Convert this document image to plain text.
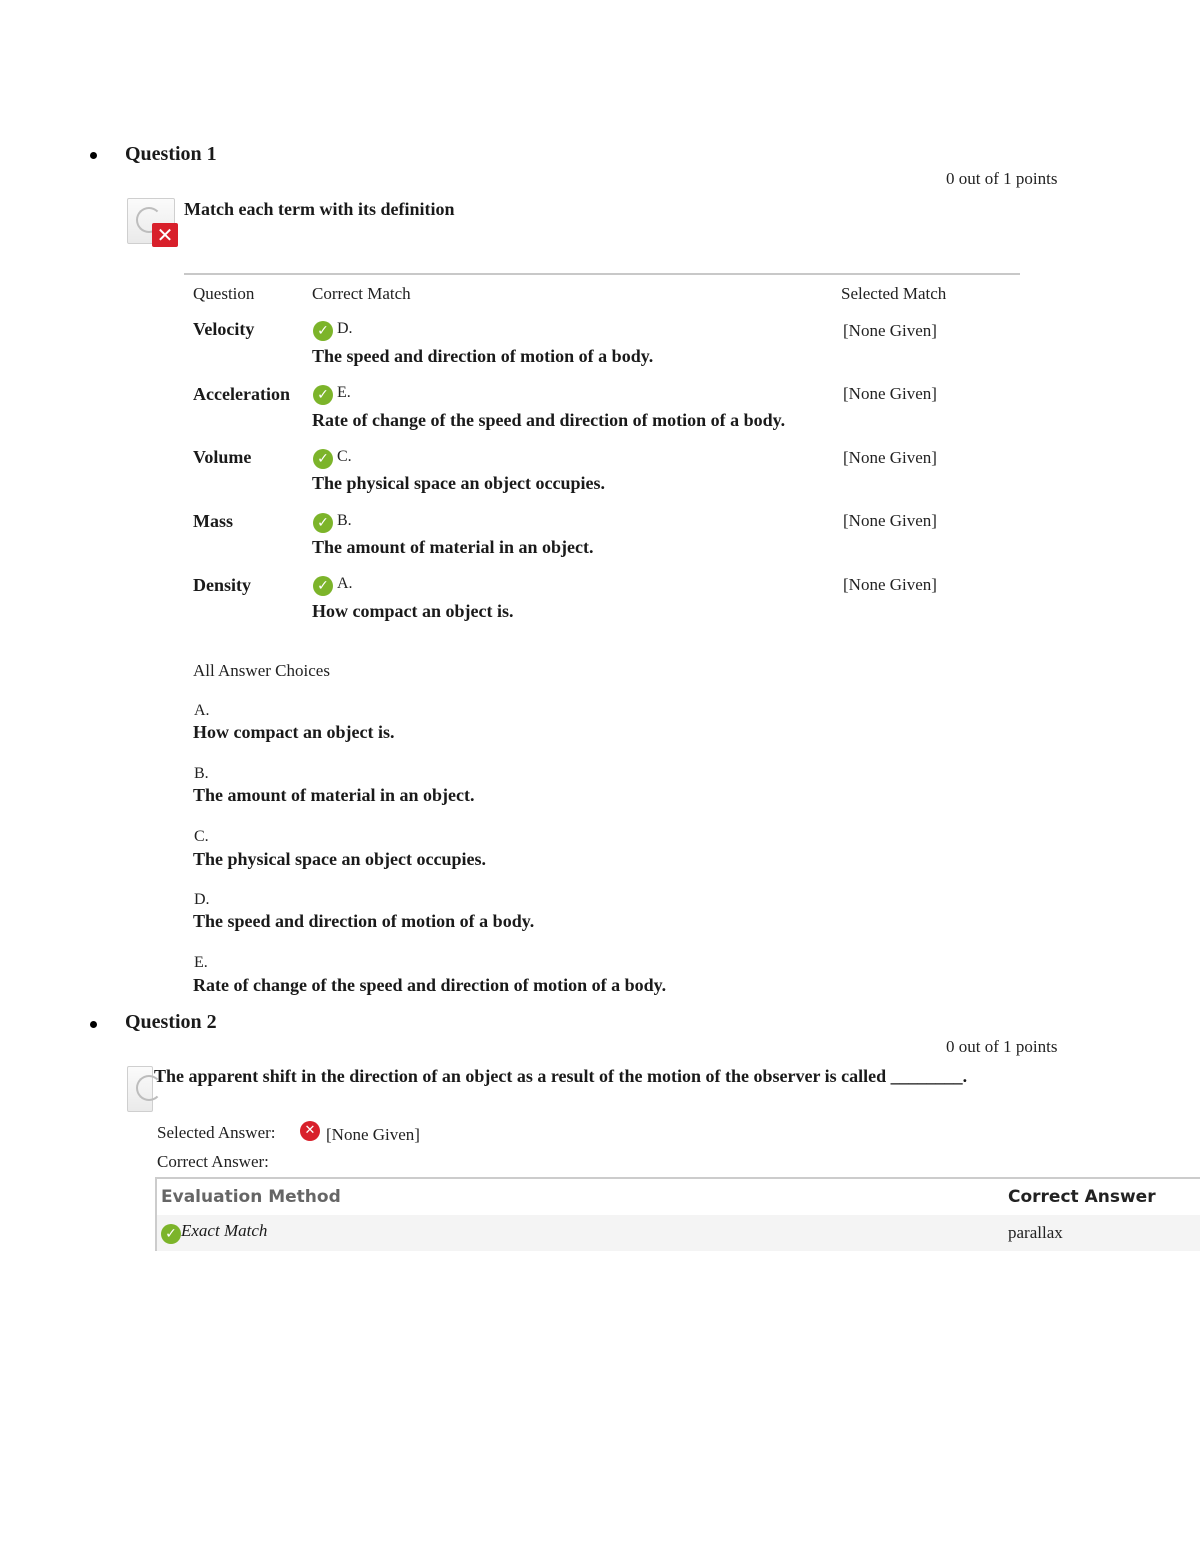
Question 1
0 out of 1 points
✕
Match each term with its definition
Question	Correct Match	Selected Match
Velocity	✓ D.
The speed and direction of motion of a body.
[None Given]
Acceleration ✓ E.
Rate of change of the speed and direction of motion of a body.
[None Given]
Volume	✓ C.
The physical space an object occupies.
[None Given]
Mass	✓ B.
The amount of material in an object.
[None Given]
Density	✓ A.
How compact an object is.
[None Given]
All Answer Choices
A.
How compact an object is.
B.
The amount of material in an object.
C.
The physical space an object occupies.
D.
The speed and direction of motion of a body.
E.
Rate of change of the speed and direction of motion of a body.
Question 2
0 out of 1 points
The apparent shift in the direction of an object as a result of the motion of the observer is called ________.
Selected Answer:	✕ [None Given]
Correct Answer:
Evaluation Method	Correct Answer
✓ Exact Match	parallax
